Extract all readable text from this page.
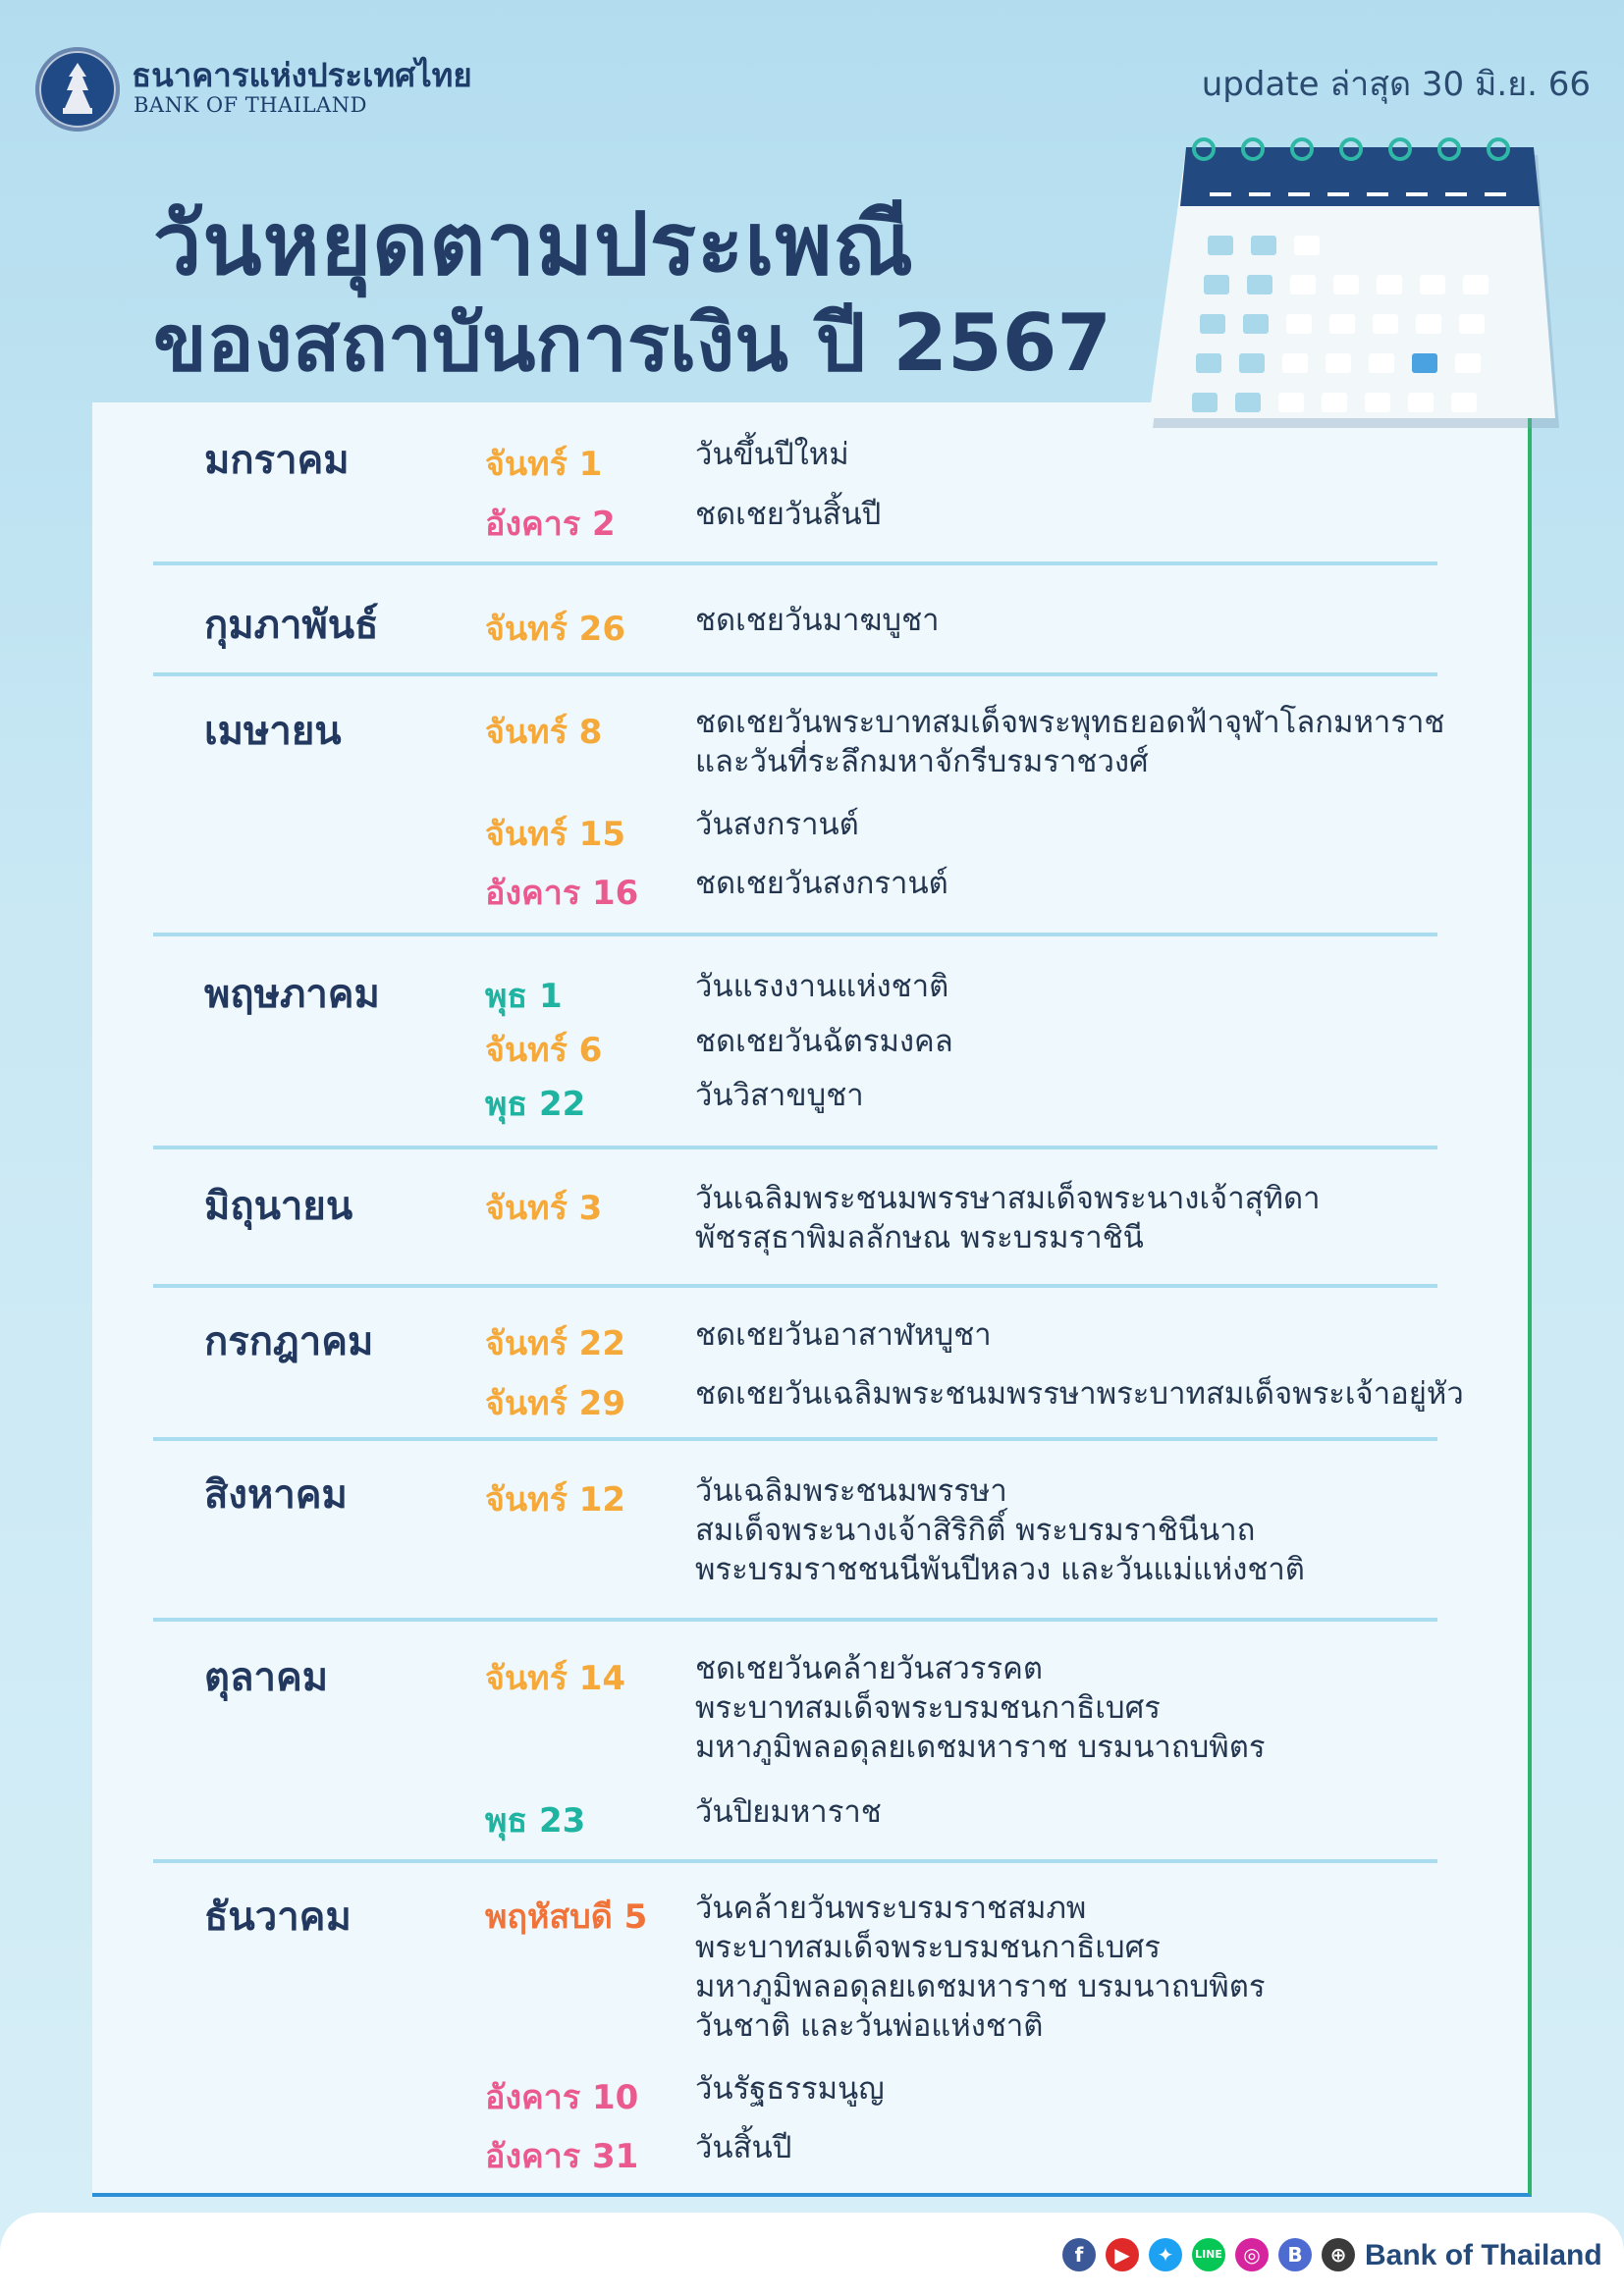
ธนาคารแห่งประเทศไทย
BANK OF THAILAND
update ล่าสุด 30 มิ.ย. 66
วันหยุดตามประเพณี
ของสถาบันการเงิน ปี 2567
มกราคม	จันทร์ 1	วันขึ้นปีใหม่
อังคาร 2	ชดเชยวันสิ้นปี
กุมภาพันธ์	จันทร์ 26 ชดเชยวันมาฆบูชา
เมษายน	จันทร์ 8	ชดเชยวันพระบาทสมเด็จพระพุทธยอดฟ้าจุฬาโลกมหาราช
และวันที่ระลึกมหาจักรีบรมราชวงศ์
จันทร์ 15 วันสงกรานต์
อังคาร 16 ชดเชยวันสงกรานต์
พฤษภาคม	พุธ 1	วันแรงงานแห่งชาติ
จันทร์ 6	ชดเชยวันฉัตรมงคล
พุธ 22	วันวิสาขบูชา
มิถุนายน	จันทร์ 3	วันเฉลิมพระชนมพรรษาสมเด็จพระนางเจ้าสุทิดา
พัชรสุธาพิมลลักษณ พระบรมราชินี
กรกฎาคม	จันทร์ 22 ชดเชยวันอาสาฬหบูชา
จันทร์ 29 ชดเชยวันเฉลิมพระชนมพรรษาพระบาทสมเด็จพระเจ้าอยู่หัว
สิงหาคม	จันทร์ 12 วันเฉลิมพระชนมพรรษา
สมเด็จพระนางเจ้าสิริกิติ์ พระบรมราชินีนาถ
พระบรมราชชนนีพันปีหลวง และวันแม่แห่งชาติ
ตุลาคม	จันทร์ 14 ชดเชยวันคล้ายวันสวรรคต
พระบาทสมเด็จพระบรมชนกาธิเบศร
มหาภูมิพลอดุลยเดชมหาราช บรมนาถบพิตร
พุธ 23	วันปิยมหาราช
ธันวาคม	พฤหัสบดี 5 วันคล้ายวันพระบรมราชสมภพ
พระบาทสมเด็จพระบรมชนกาธิเบศร
มหาภูมิพลอดุลยเดชมหาราช บรมนาถบพิตร
วันชาติ และวันพ่อแห่งชาติ
อังคาร 10 วันรัฐธรรมนูญ
อังคาร 31 วันสิ้นปี
f	▶	✦	LINE	◎	B	⊕ Bank of Thailand
